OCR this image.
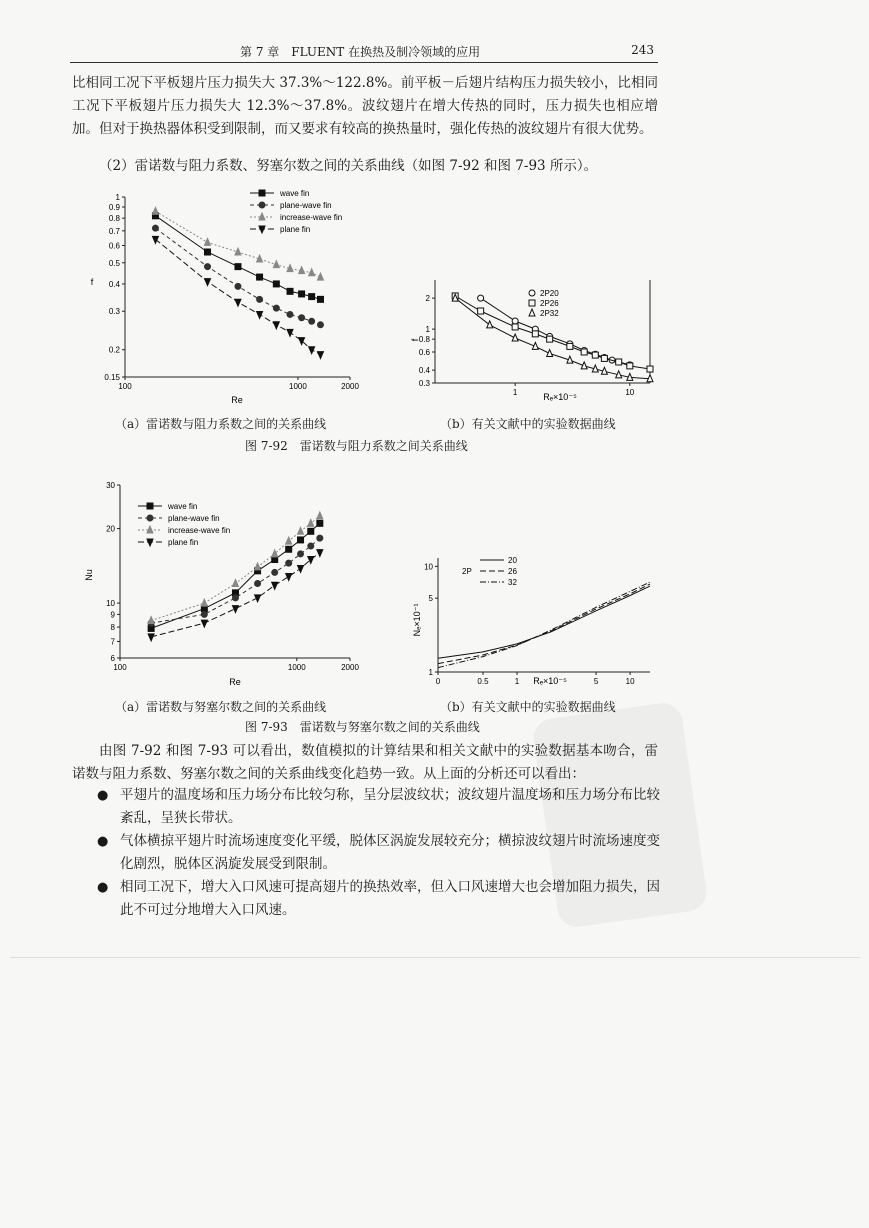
第 7 章　FLUENT 在换热及制冷领域的应用	243

比相同工况下平板翅片压力损失大 37.3%～122.8%。前平板－后翅片结构压力损失较小，比相同工况下平板翅片压力损失大 12.3%～37.8%。波纹翅片在增大传热的同时，压力损失也相应增加。但对于换热器体积受到限制，而又要求有较高的换热量时，强化传热的波纹翅片有很大优势。

（2）雷诺数与阻力系数、努塞尔数之间的关系曲线（如图 7-92 和图 7-93 所示）。

0.15
0.2
0.3
0.4
0.5
0.6
0.7
0.8
0.9
1
100	1000	2000
Re
f
wave fin
plane-wave fin
increase-wave fin
plane fin
0.3
0.4
0.6
0.8
1
2
1	10
Rₑ×10⁻⁵
f
2P20
2P26
2P32
（a）雷诺数与阻力系数之间的关系曲线	（b）有关文献中的实验数据曲线
图 7-92　雷诺数与阻力系数之间关系曲线
6
7
8
9
10
20
30
100	1000	2000
Re
Nu
wave fin
plane-wave fin
increase-wave fin
plane fin
1
5
10
0	0.5	1	5	10
Rₑ×10⁻⁵
Nₑ×10⁻¹
20
26
32
2P
（a）雷诺数与努塞尔数之间的关系曲线	（b）有关文献中的实验数据曲线
图 7-93　雷诺数与努塞尔数之间的关系曲线

由图 7-92 和图 7-93 可以看出，数值模拟的计算结果和相关文献中的实验数据基本吻合，雷诺数与阻力系数、努塞尔数之间的关系曲线变化趋势一致。从上面的分析还可以看出：

● 平翅片的温度场和压力场分布比较匀称，呈分层波纹状；波纹翅片温度场和压力场分布比较紊乱，呈狭长带状。

● 气体横掠平翅片时流场速度变化平缓，脱体区涡旋发展较充分；横掠波纹翅片时流场速度变化剧烈，脱体区涡旋发展受到限制。

● 相同工况下，增大入口风速可提高翅片的换热效率，但入口风速增大也会增加阻力损失，因此不可过分地增大入口风速。
